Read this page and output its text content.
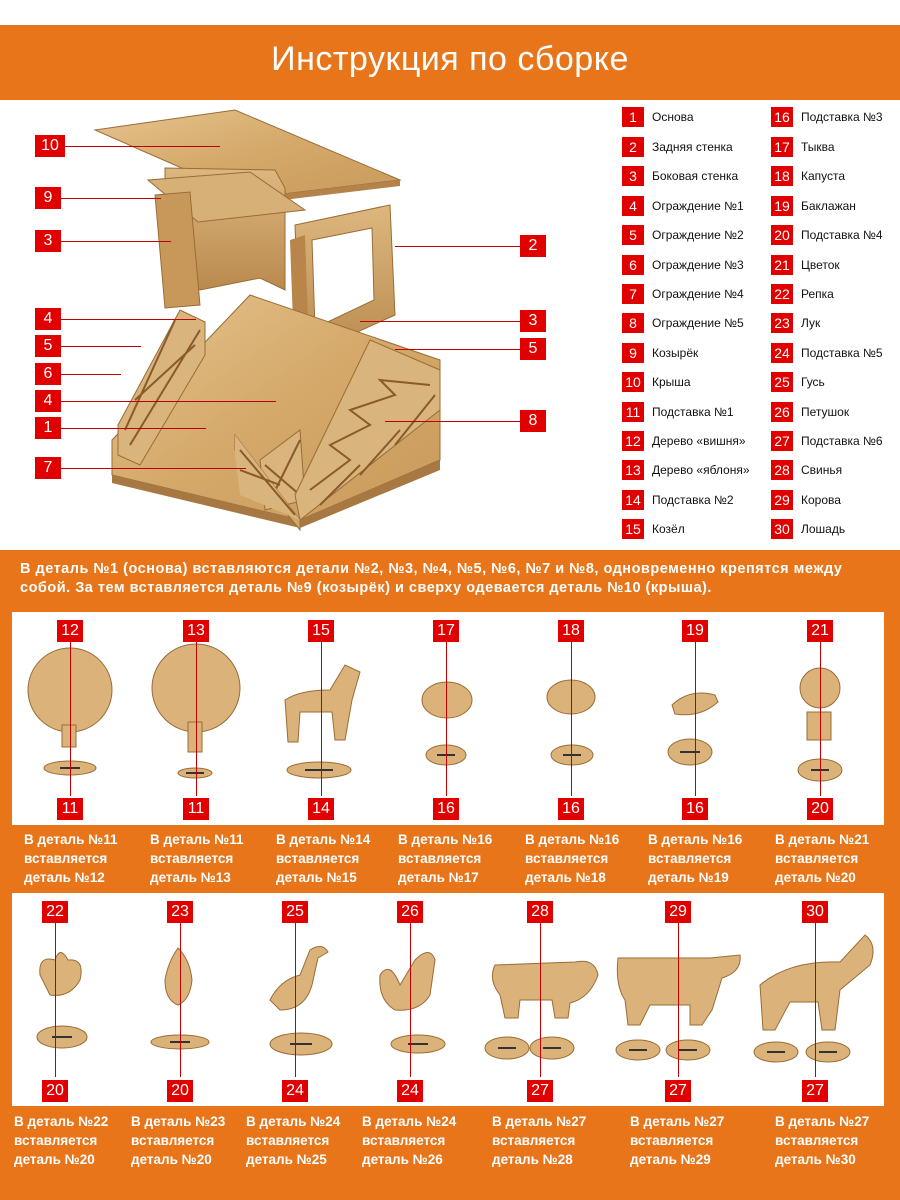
Инструкция по сборке
10
9
3
4
5
6
4
1
7
2
3
5
8
1	Основа
2	Задняя стенка
3	Боковая стенка
4	Ограждение №1
5	Ограждение №2
6	Ограждение №3
7	Ограждение №4
8	Ограждение №5
9	Козырёк
10 Крыша
11 Подставка №1
12 Дерево «вишня»
13 Дерево «яблоня»
14 Подставка №2
15 Козёл
16 Подставка №3
17 Тыква
18 Капуста
19 Баклажан
20 Подставка №4
21 Цветок
22 Репка
23 Лук
24 Подставка №5
25 Гусь
26 Петушок
27 Подставка №6
28 Свинья
29 Корова
30 Лошадь
В деталь №1 (основа) вставляются детали №2, №3, №4, №5, №6, №7 и №8, одновременно крепятся между собой. За тем вставляется деталь №9 (козырёк) и сверху одевается деталь №10 (крыша).
12	13	15	17	18	19	21
11	11	14	16	16	16	20
В деталь №11
вставляется
деталь №12
В деталь №11
вставляется
деталь №13
В деталь №14
вставляется
деталь №15
В деталь №16
вставляется
деталь №17
В деталь №16
вставляется
деталь №18
В деталь №16
вставляется
деталь №19
В деталь №21
вставляется
деталь №20
22	23	25	26	28	29	30
20	20	24	24	27	27	27
В деталь №22
вставляется
деталь №20
В деталь №23
вставляется
деталь №20
В деталь №24
вставляется
деталь №25
В деталь №24
вставляется
деталь №26
В деталь №27
вставляется
деталь №28
В деталь №27
вставляется
деталь №29
В деталь №27
вставляется
деталь №30
